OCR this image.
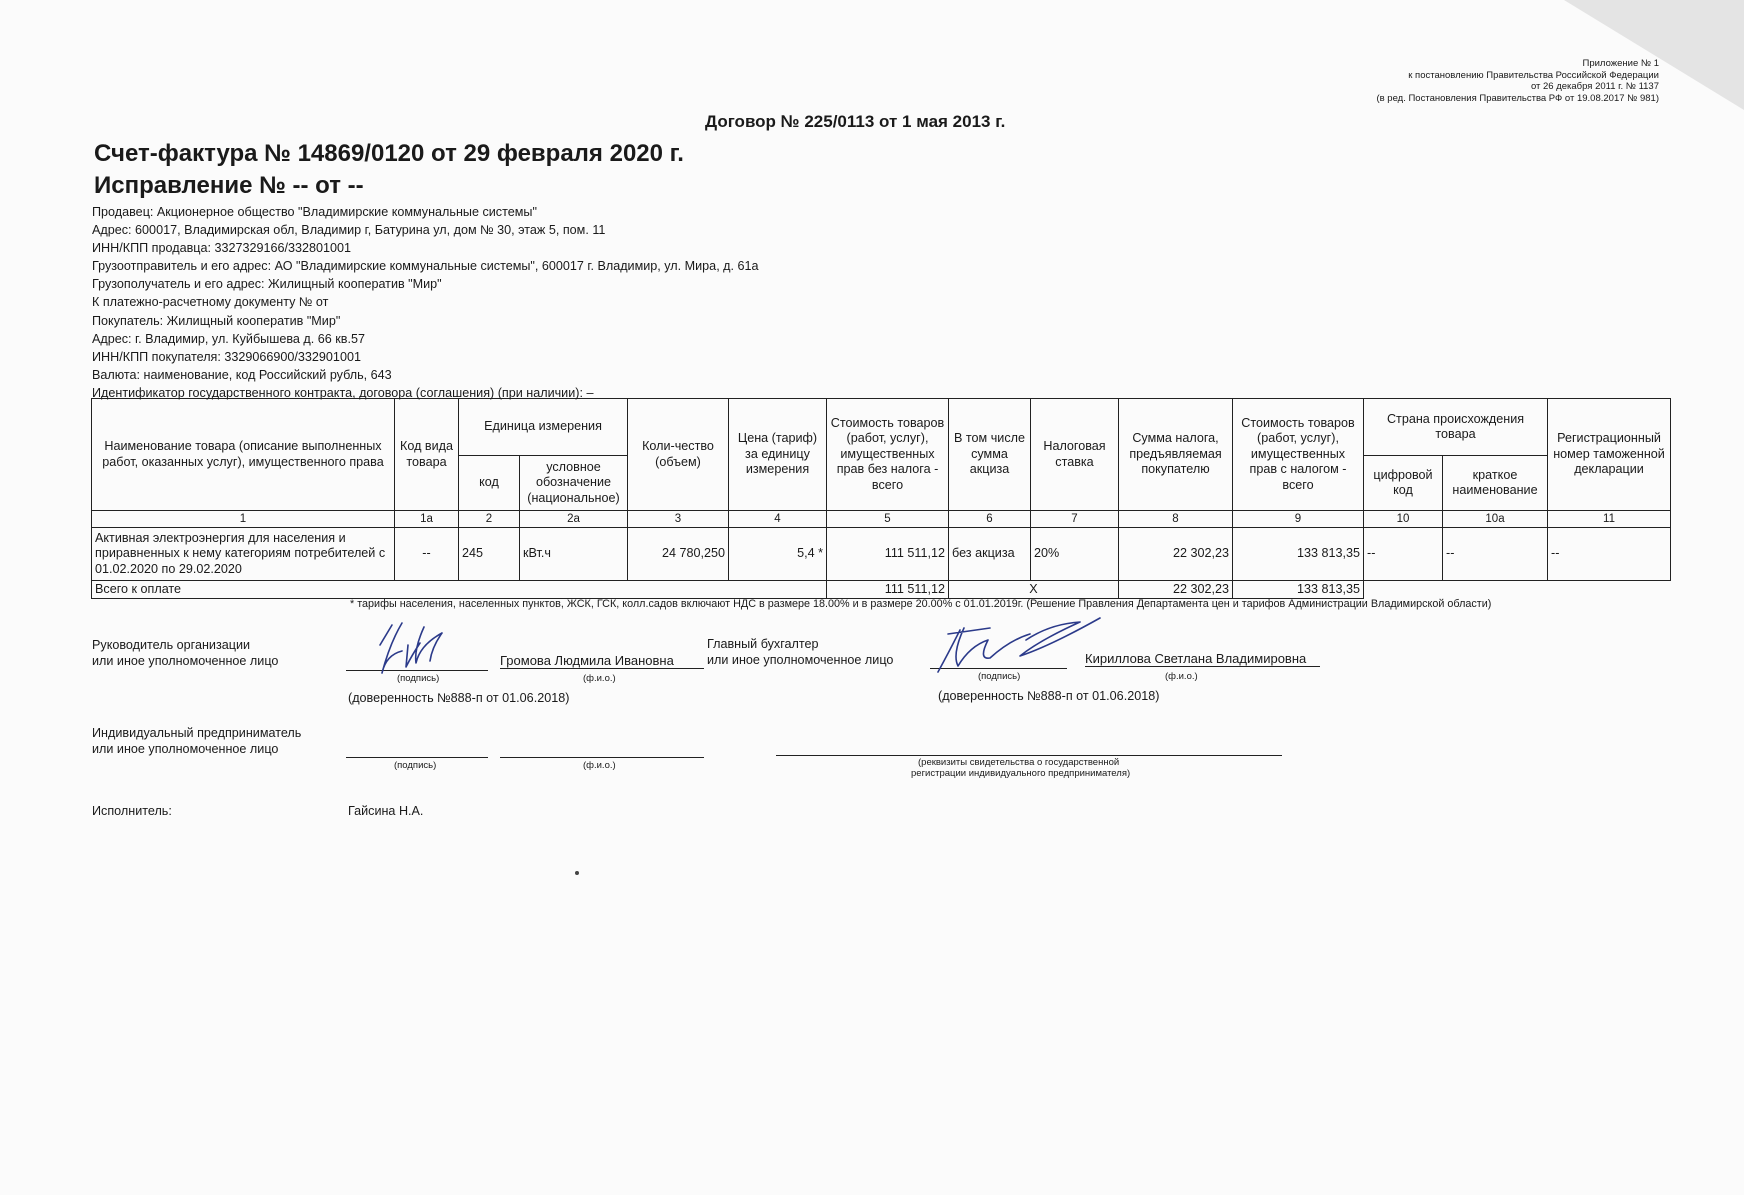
Приложение № 1
к постановлению Правительства Российской Федерации
от 26 декабря 2011 г. № 1137
(в ред. Постановления Правительства РФ от 19.08.2017 № 981)
Договор № 225/0113 от 1 мая 2013 г.
Счет-фактура № 14869/0120 от 29 февраля 2020 г.
Исправление № -- от --
Продавец: Акционерное общество "Владимирские коммунальные системы"
Адрес: 600017, Владимирская обл, Владимир г, Батурина ул, дом № 30, этаж 5, пом. 11
ИНН/КПП продавца: 3327329166/332801001
Грузоотправитель и его адрес: АО "Владимирские коммунальные системы", 600017 г. Владимир, ул. Мира, д. 61а
Грузополучатель и его адрес: Жилищный кооператив "Мир"
К платежно-расчетному документу № от
Покупатель: Жилищный кооператив "Мир"
Адрес: г. Владимир, ул. Куйбышева д. 66 кв.57
ИНН/КПП покупателя: 3329066900/332901001
Валюта: наименование, код Российский рубль, 643
Идентификатор государственного контракта, договора (соглашения) (при наличии): –
Наименование товара (описание выполненных работ, оказанных услуг), имущественного права	Код вида товара	Единица измерения		Коли-чество (объем)	Цена (тариф) за единицу измерения	Стоимость товаров (работ, услуг), имущественных прав без налога - всего	В том числе сумма акциза	Налоговая ставка	Сумма налога, предъявляемая покупателю	Стоимость товаров (работ, услуг), имущественных прав с налогом - всего	Страна происхождения товара		Регистрационный номер таможенной декларации
		код	условное обозначение (национальное)								цифровой код	краткое наименование	
1	1а	2	2а	3	4	5	6	7	8	9	10	10а	11
Активная электроэнергия для населения и приравненных к нему категориям потребителей с 01.02.2020 по 29.02.2020	--	245	кВт.ч	24 780,250	5,4 *	111 511,12	без акциза	20%	22 302,23	133 813,35	--	--	--
Всего к оплате						111 511,12	X		22 302,23	133 813,35			
* тарифы населения, населенных пунктов, ЖСК, ГСК, колл.садов включают НДС в размере 18.00% и в размере 20.00% с 01.01.2019г. (Решение Правления Департамента цен и тарифов Администрации Владимирской области)
Руководитель организации
или иное уполномоченное лицо
(подпись)
Громова Людмила Ивановна
(ф.и.о.)
(доверенность №888-п от 01.06.2018)
Главный бухгалтер
или иное уполномоченное лицо
(подпись)
Кириллова Светлана Владимировна
(ф.и.о.)
(доверенность №888-п от 01.06.2018)
Индивидуальный предприниматель
или иное уполномоченное лицо
(подпись)	(ф.и.о.)	(реквизиты свидетельства о государственной
регистрации индивидуального предпринимателя)
Исполнитель:	Гайсина Н.А.
